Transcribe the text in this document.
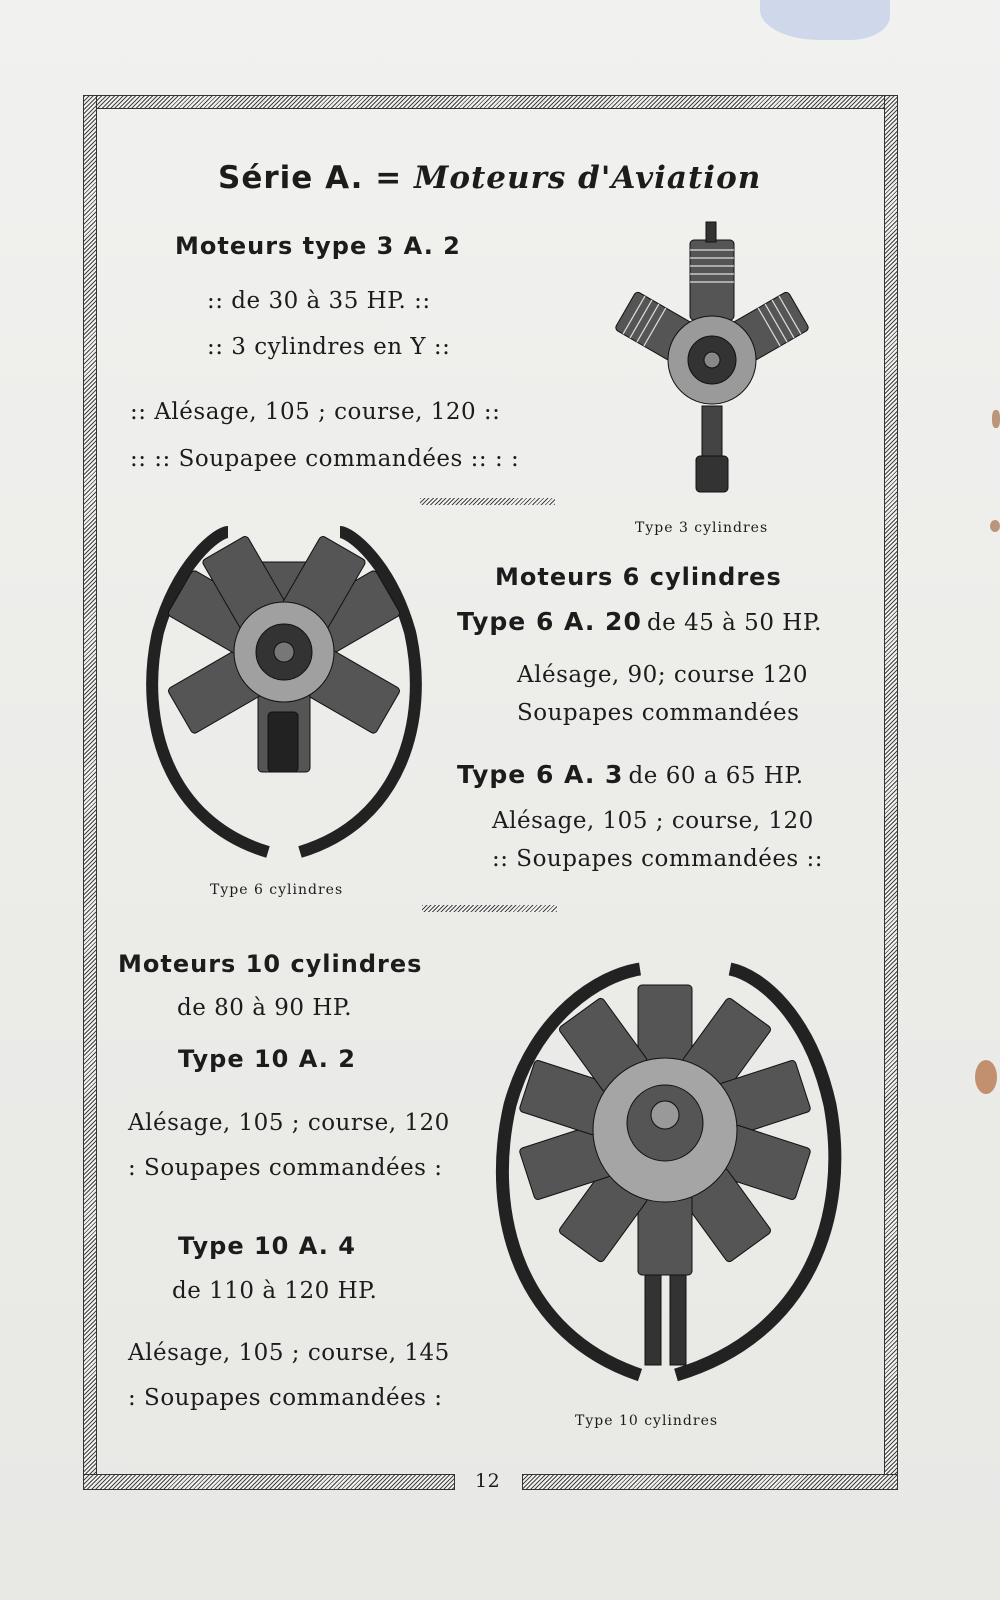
Série A. = Moteurs d'Aviation
Moteurs type 3 A. 2
:: de 30 à 35 HP. ::
:: 3 cylindres en Y ::
:: Alésage, 105 ; course, 120 ::
:: :: Soupapee commandées :: : :
Type 3 cylindres
Type 6 cylindres
Moteurs 6 cylindres
Type 6 A. 20 de 45 à 50 HP.
Alésage, 90; course 120
Soupapes commandées
Type 6 A. 3 de 60 a 65 HP.
Alésage, 105 ; course, 120
:: Soupapes commandées ::
Moteurs 10 cylindres
de 80 à 90 HP.
Type 10 A. 2
Alésage, 105 ; course, 120
: Soupapes commandées :
Type 10 A. 4
de 110 à 120 HP.
Alésage, 105 ; course, 145
: Soupapes commandées :
Type 10 cylindres
12
